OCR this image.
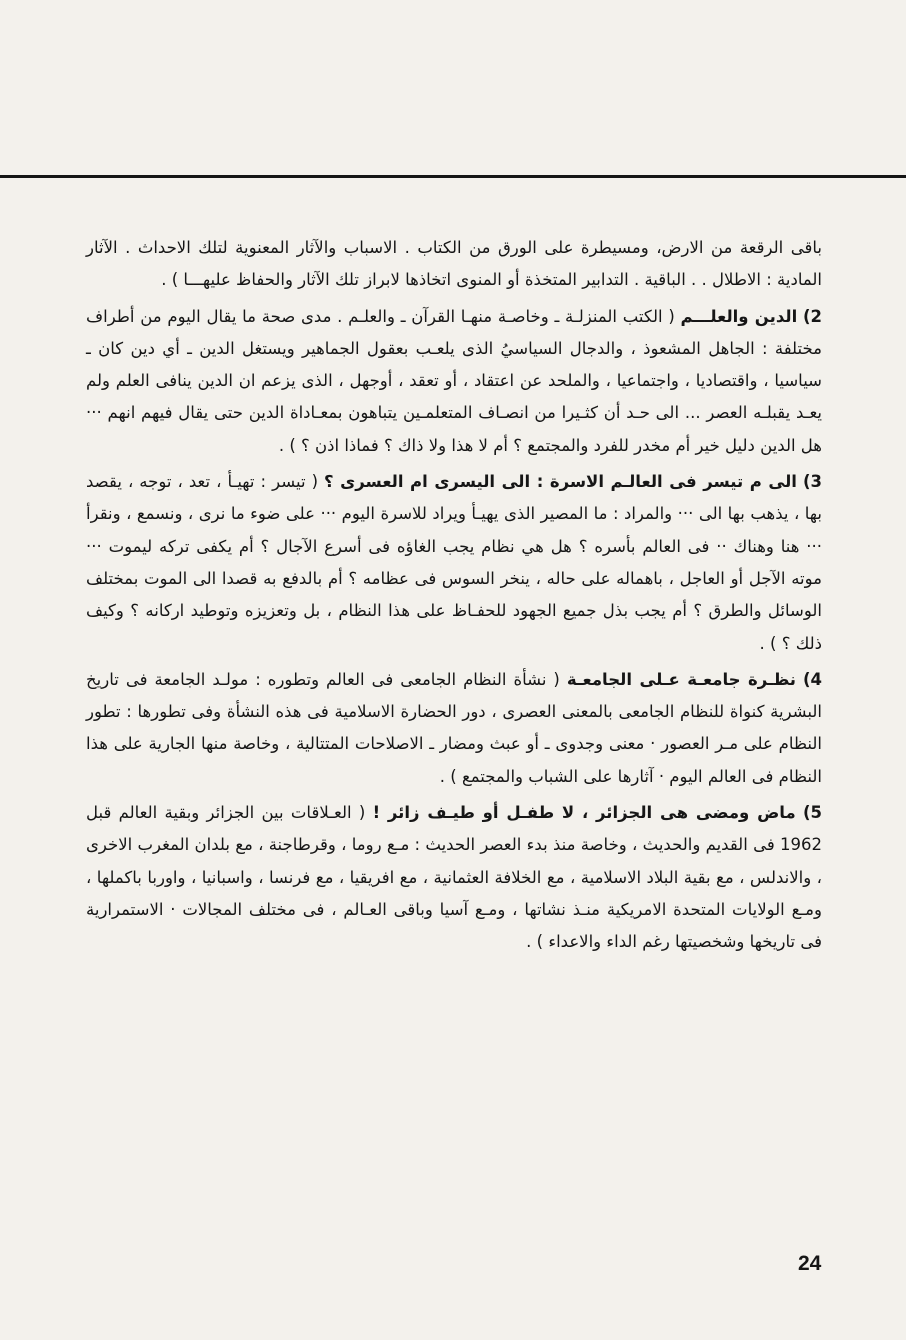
باقى الرقعة من الارض، ومسيطرة على الورق من الكتاب . الاسباب والآثار المعنوية لتلك الاحداث . الآثار المادية : الاطلال . . الباقية . التدابير المتخذة أو المنوى اتخاذها لابراز تلك الآثار والحفاظ عليهـــا ) .

2) الدين والعلـــم ( الكتب المنزلـة ـ وخاصـة منهـا القرآن ـ والعلـم . مدى صحة ما يقال اليوم من أطراف مختلفة : الجاهل المشعوذ ، والدجال السياسيُ الذى يلعـب بعقول الجماهير ويستغل الدين ـ أي دين كان ـ سياسيا ، واقتصاديا ، واجتماعيا ، والملحد عن اعتقاد ، أو تعقد ، أوجهل ، الذى يزعم ان الدين ينافى العلم ولم يعـد يقبلـه العصر ... الى حـد أن كثـيرا من انصـاف المتعلمـين يتباهون بمعـاداة الدين حتى يقال فيهم انهم ··· هل الدين دليل خير أم مخدر للفرد والمجتمع ؟ أم لا هذا ولا ذاك ؟ فماذا اذن ؟ ) .

3) الى م تيسر فى العالـم الاسرة : الى اليسرى ام العسرى ؟ ( تيسر : تهيـأ ، تعد ، توجه ، يقصد بها ، يذهب بها الى ··· والمراد : ما المصير الذى يهيـأ ويراد للاسرة اليوم ··· على ضوء ما نرى ، ونسمع ، ونقرأ ··· هنا وهناك ·· فى العالم بأسره ؟ هل هي نظام يجب الغاؤه فى أسرع الآجال ؟ أم يكفى تركه ليموت ··· موته الآجل أو العاجل ، باهماله على حاله ، ينخر السوس فى عظامه ؟ أم بالدفع به قصدا الى الموت بمختلف الوسائل والطرق ؟ أم يجب بذل جميع الجهود للحفـاظ على هذا النظام ، بل وتعزيزه وتوطيد اركانه ؟ وكيف ذلك ؟ ) .

4) نظـرة جامعـة عـلى الجامعـة ( نشأة النظام الجامعى فى العالم وتطوره : مولـد الجامعة فى تاريخ البشرية كنواة للنظام الجامعى بالمعنى العصرى ، دور الحضارة الاسلامية فى هذه النشأة وفى تطورها : تطور النظام على مـر العصور · معنى وجدوى ـ أو عبث ومضار ـ الاصلاحات المتتالية ، وخاصة منها الجارية على هذا النظام فى العالم اليوم · آثارها على الشباب والمجتمع ) .

5) ماض ومضى هى الجزائر ، لا طفـل أو طيـف زائر ! ( العـلاقات بين الجزائر وبقية العالم قبل 1962 فى القديم والحديث ، وخاصة منذ بدء العصر الحديث : مـع روما ، وقرطاجنة ، مع بلدان المغرب الاخرى ، والاندلس ، مع بقية البلاد الاسلامية ، مع الخلافة العثمانية ، مع افريقيا ، مع فرنسا ، واسبانيا ، واوربا باكملها ، ومـع الولايات المتحدة الامريكية منـذ نشاتها ، ومـع آسيا وباقى العـالم ، فى مختلف المجالات · الاستمرارية فى تاريخها وشخصيتها رغم الداء والاعداء ) .

24
